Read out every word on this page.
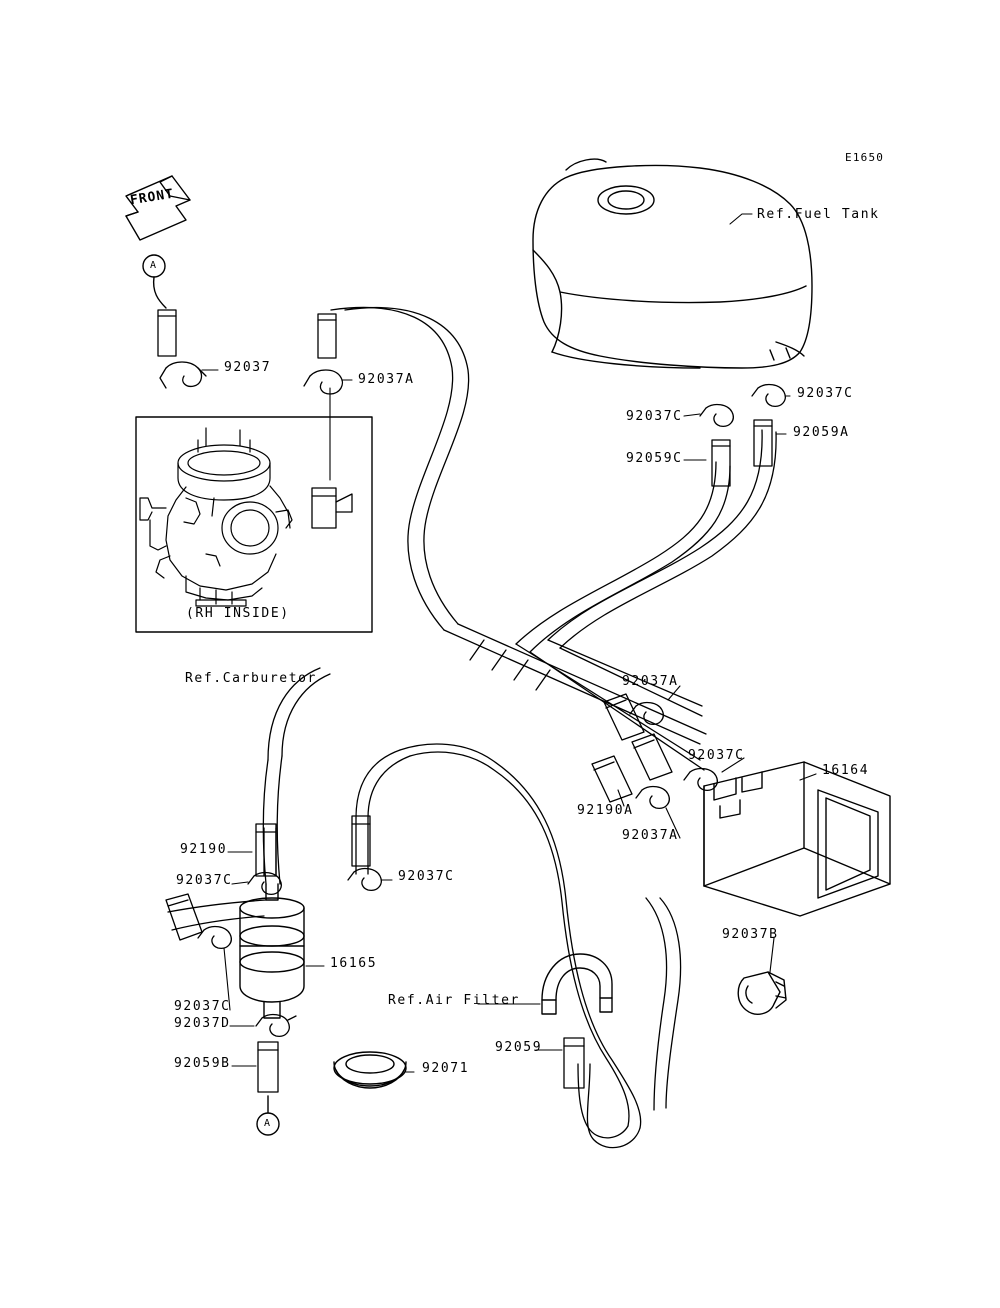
E1650
Ref.Fuel Tank
92037
92037A
92037C
92037C
92059A
92059C
(RH INSIDE)
Ref.Carburetor	92037A
92037C
16164
92190A
92037A
92190
92037C	92037C
92037B
16165
92037C	Ref.Air Filter
92059
92037D
92059B	92071
FRONT
A
A
